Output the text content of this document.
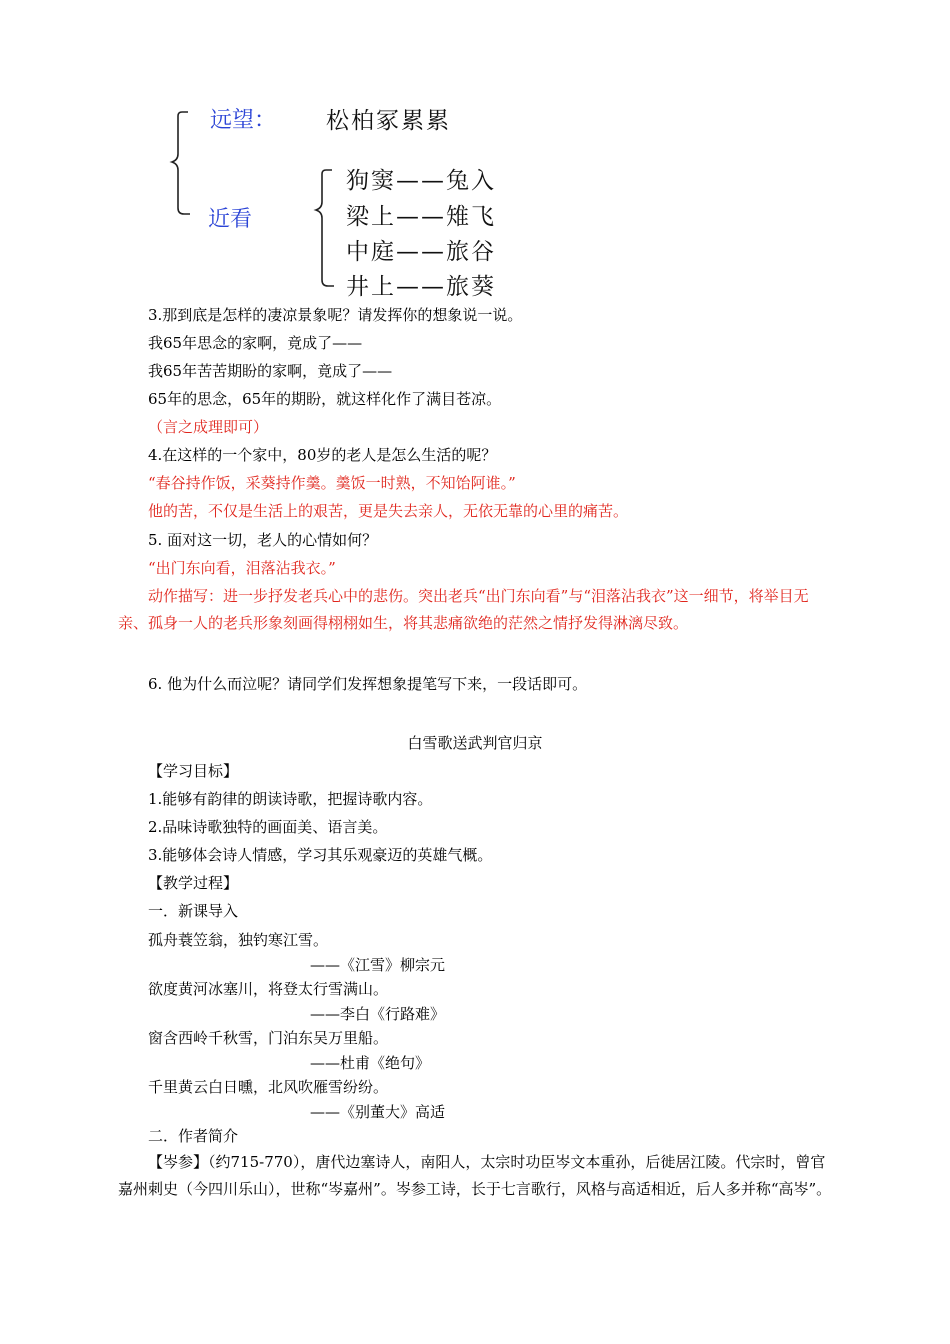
远望： 松柏冢累累
近看
狗窦——兔入
梁上——雉飞
中庭——旅谷
井上——旅葵
3.那到底是怎样的凄凉景象呢？请发挥你的想象说一说。
我65年思念的家啊，竟成了——
我65年苦苦期盼的家啊，竟成了——
65年的思念，65年的期盼，就这样化作了满目苍凉。
（言之成理即可）
4.在这样的一个家中，80岁的老人是怎么生活的呢？
“春谷持作饭，采葵持作羹。羹饭一时熟，不知饴阿谁。”
他的苦，不仅是生活上的艰苦，更是失去亲人，无依无靠的心里的痛苦。
5. 面对这一切，老人的心情如何？
“出门东向看，泪落沾我衣。”

动作描写：进一步抒发老兵心中的悲伤。突出老兵“出门东向看”与“泪落沾我衣”这一细节，将举目无亲、孤身一人的老兵形象刻画得栩栩如生，将其悲痛欲绝的茫然之情抒发得淋漓尽致。

6. 他为什么而泣呢？请同学们发挥想象提笔写下来，一段话即可。
白雪歌送武判官归京
【学习目标】
1.能够有韵律的朗读诗歌，把握诗歌内容。
2.品味诗歌独特的画面美、语言美。
3.能够体会诗人情感，学习其乐观豪迈的英雄气概。
【教学过程】
一．新课导入
孤舟蓑笠翁，独钓寒江雪。
——《江雪》柳宗元
欲度黄河冰塞川，将登太行雪满山。
——李白《行路难》
窗含西岭千秋雪，门泊东吴万里船。
——杜甫《绝句》
千里黄云白日曛，北风吹雁雪纷纷。
——《别董大》高适
二．作者简介

【岑参】（约715-770），唐代边塞诗人，南阳人，太宗时功臣岑文本重孙，后徙居江陵。代宗时，曾官嘉州刺史（今四川乐山），世称“岑嘉州”。岑参工诗，长于七言歌行，风格与高适相近，后人多并称“高岑”。
